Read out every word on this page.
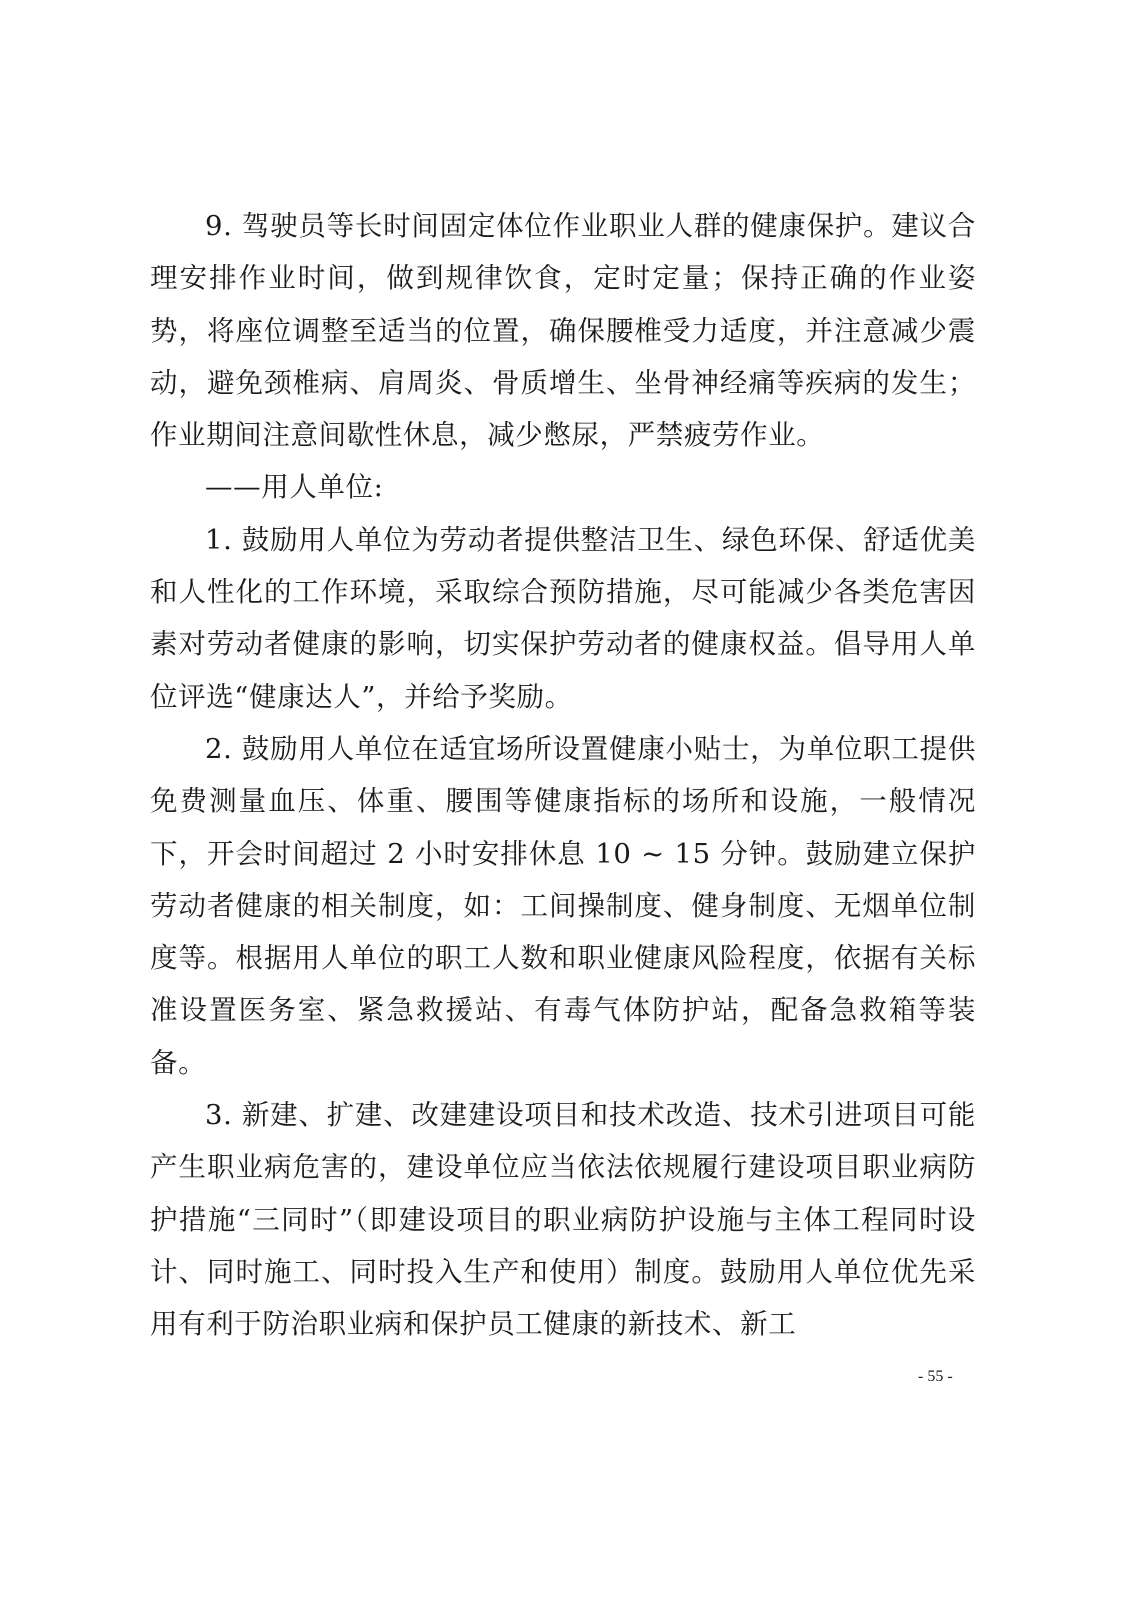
9. 驾驶员等长时间固定体位作业职业人群的健康保护。建议合理安排作业时间，做到规律饮食，定时定量；保持正确的作业姿势，将座位调整至适当的位置，确保腰椎受力适度，并注意减少震动，避免颈椎病、肩周炎、骨质增生、坐骨神经痛等疾病的发生；作业期间注意间歇性休息，减少憋尿，严禁疲劳作业。

——用人单位:

1. 鼓励用人单位为劳动者提供整洁卫生、绿色环保、舒适优美和人性化的工作环境，采取综合预防措施，尽可能减少各类危害因素对劳动者健康的影响，切实保护劳动者的健康权益。倡导用人单位评选“健康达人”，并给予奖励。

2. 鼓励用人单位在适宜场所设置健康小贴士，为单位职工提供免费测量血压、体重、腰围等健康指标的场所和设施，一般情况下，开会时间超过 2 小时安排休息 10 ~ 15 分钟。鼓励建立保护劳动者健康的相关制度，如：工间操制度、健身制度、无烟单位制度等。根据用人单位的职工人数和职业健康风险程度，依据有关标准设置医务室、紧急救援站、有毒气体防护站，配备急救箱等装备。

3. 新建、扩建、改建建设项目和技术改造、技术引进项目可能产生职业病危害的，建设单位应当依法依规履行建设项目职业病防护措施“三同时”（即建设项目的职业病防护设施与主体工程同时设计、同时施工、同时投入生产和使用）制度。鼓励用人单位优先采用有利于防治职业病和保护员工健康的新技术、新工

- 55 -
